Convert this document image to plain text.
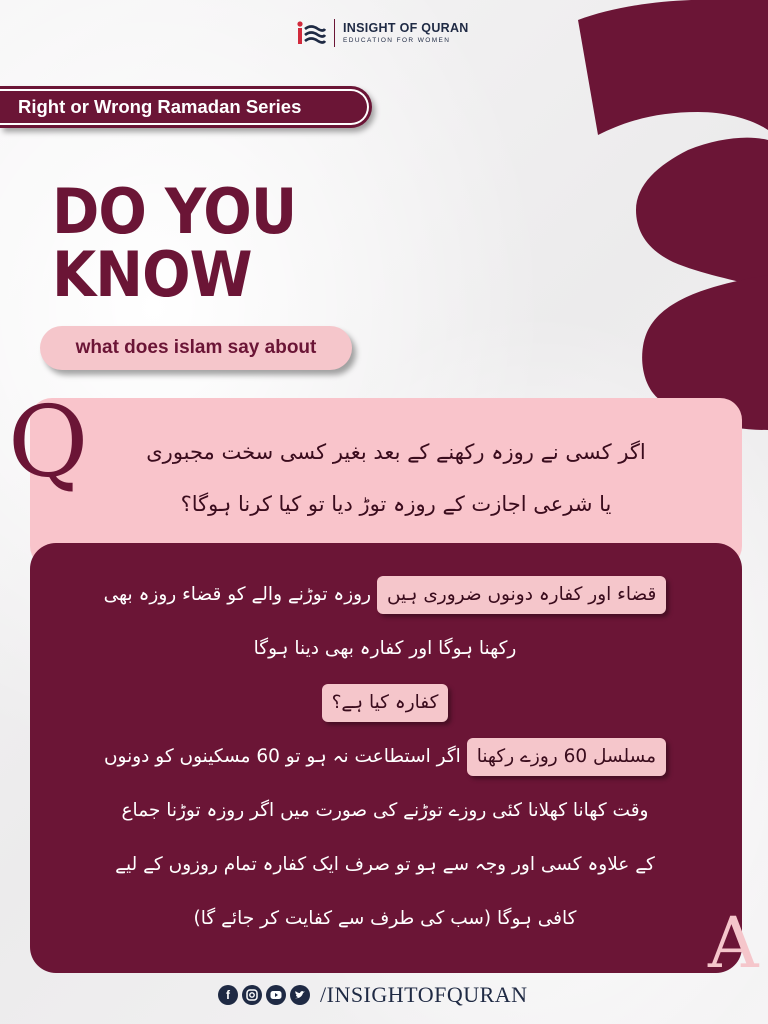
INSIGHT OF QURAN
EDUCATION FOR WOMEN
Right or Wrong Ramadan Series
DO YOU
KNOW
what does islam say about
Q	اگر کسی نے روزہ رکھنے کے بعد بغیر کسی سخت مجبوری
یا شرعی اجازت کے روزہ توڑ دیا تو کیا کرنا ہوگا؟
قضاء اور کفارہ دونوں ضروری ہیں روزہ توڑنے والے کو قضاء روزہ بھی
رکھنا ہوگا اور کفارہ بھی دینا ہوگا
کفارہ کیا ہے؟
مسلسل 60 روزے رکھنا اگر استطاعت نہ ہو تو 60 مسکینوں کو دونوں
وقت کھانا کھلانا کئی روزے توڑنے کی صورت میں اگر روزہ توڑنا جماع
کے علاوہ کسی اور وجہ سے ہو تو صرف ایک کفارہ تمام روزوں کے لیے
کافی ہوگا (سب کی طرف سے کفایت کر جائے گا)	A
f	/INSIGHTOFQURAN
